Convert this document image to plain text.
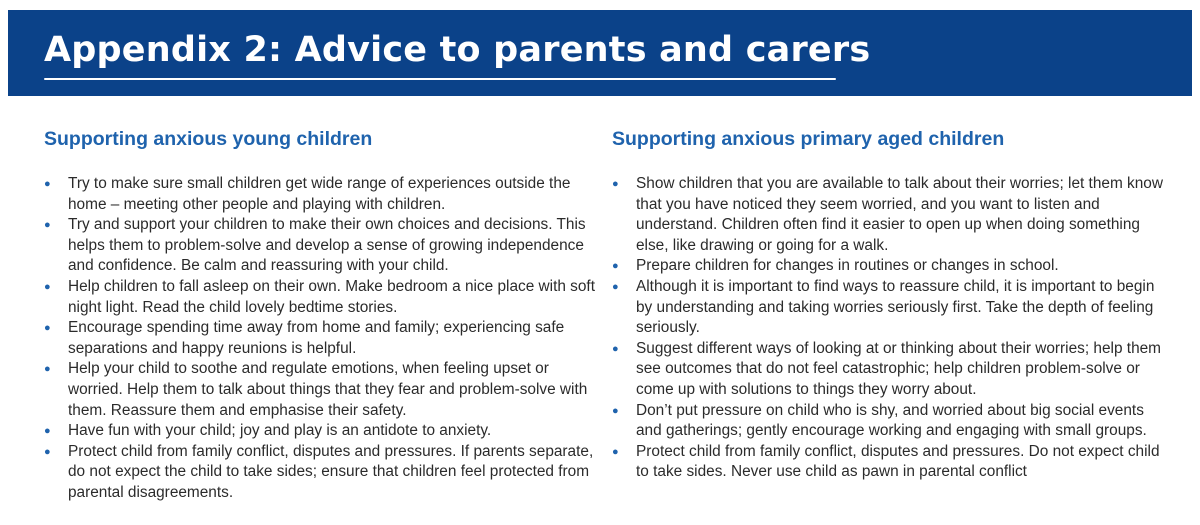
Appendix 2: Advice to parents and carers
Supporting anxious young children
● Try to make sure small children get wide range of experiences outside the home – meeting other people and playing with children.
● Try and support your children to make their own choices and decisions. This helps them to problem-solve and develop a sense of growing independence and confidence. Be calm and reassuring with your child.
● Help children to fall asleep on their own. Make bedroom a nice place with soft night light. Read the child lovely bedtime stories.
● Encourage spending time away from home and family; experiencing safe separations and happy reunions is helpful.
● Help your child to soothe and regulate emotions, when feeling upset or worried. Help them to talk about things that they fear and problem-solve with them. Reassure them and emphasise their safety.
● Have fun with your child; joy and play is an antidote to anxiety.
● Protect child from family conflict, disputes and pressures. If parents separate, do not expect the child to take sides; ensure that children feel protected from parental disagreements.
Supporting anxious primary aged children
● Show children that you are available to talk about their worries; let them know that you have noticed they seem worried, and you want to listen and understand. Children often find it easier to open up when doing something else, like drawing or going for a walk.
● Prepare children for changes in routines or changes in school.
● Although it is important to find ways to reassure child, it is important to begin by understanding and taking worries seriously first. Take the depth of feeling seriously.
● Suggest different ways of looking at or thinking about their worries; help them see outcomes that do not feel catastrophic; help children problem-solve or come up with solutions to things they worry about.
● Don’t put pressure on child who is shy, and worried about big social events and gatherings; gently encourage working and engaging with small groups.
● Protect child from family conflict, disputes and pressures. Do not expect child to take sides. Never use child as pawn in parental conflict
